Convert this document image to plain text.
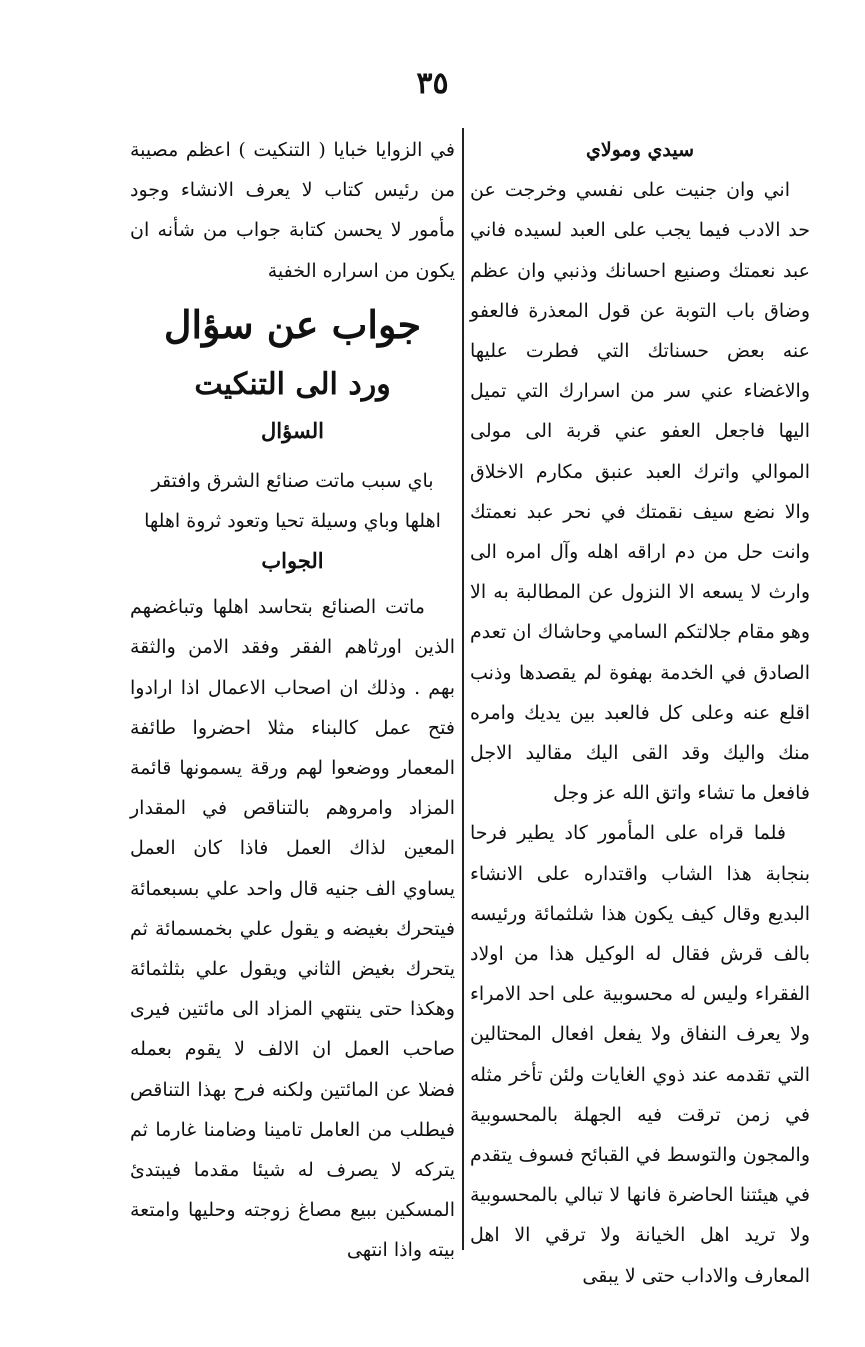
٣٥

سيدي ومولاي

اني وان جنيت على نفسي وخرجت عن حد الادب فيما يجب على العبد لسيده فاني عبد نعمتك وصنيع احسانك وذنبي وان عظم وضاق باب التوبة عن قول المعذرة فالعفو عنه بعض حسناتك التي فطرت عليها والاغضاء عني سر من اسرارك التي تميل اليها فاجعل العفو عني قربة الى مولى الموالي واترك العبد عنبق مكارم الاخلاق والا نضع سيف نقمتك في نحر عبد نعمتك وانت حل من دم اراقه اهله وآل امره الى وارث لا يسعه الا النزول عن المطالبة به الا وهو مقام جلالتكم السامي وحاشاك ان تعدم الصادق في الخدمة بهفوة لم يقصدها وذنب اقلع عنه وعلى كل فالعبد بين يديك وامره منك واليك وقد القى اليك مقاليد الاجل فافعل ما تشاء واتق الله عز وجل

فلما قراه على المأمور كاد يطير فرحا بنجابة هذا الشاب واقتداره على الانشاء البديع وقال كيف يكون هذا شلثمائة ورئيسه بالف قرش فقال له الوكيل هذا من اولاد الفقراء وليس له محسوبية على احد الامراء ولا يعرف النفاق ولا يفعل افعال المحتالين التي تقدمه عند ذوي الغايات ولئن تأخر مثله في زمن ترقت فيه الجهلة بالمحسوبية والمجون والتوسط في القبائح فسوف يتقدم في هيئتنا الحاضرة فانها لا تبالي بالمحسوبية ولا تريد اهل الخيانة ولا ترقي الا اهل المعارف والاداب حتى لا يبقى

في الزوايا خبايا ( التنكيت ) اعظم مصيبة من رئيس كتاب لا يعرف الانشاء وجود مأمور لا يحسن كتابة جواب من شأنه ان يكون من اسراره الخفية

جواب عن سؤال

ورد الى التنكيت

السؤال

باي سبب ماتت صنائع الشرق وافتقر اهلها وباي وسيلة تحيا وتعود ثروة اهلها

الجواب

ماتت الصنائع بتحاسد اهلها وتباغضهم الذين اورثاهم الفقر وفقد الامن والثقة بهم . وذلك ان اصحاب الاعمال اذا ارادوا فتح عمل كالبناء مثلا احضروا طائفة المعمار ووضعوا لهم ورقة يسمونها قائمة المزاد وامروهم بالتناقص في المقدار المعين لذاك العمل فاذا كان العمل يساوي الف جنيه قال واحد علي بسبعمائة فيتحرك بغيضه و يقول علي بخمسمائة ثم يتحرك بغيض الثاني ويقول علي بثلثمائة وهكذا حتى ينتهي المزاد الى مائتين فيرى صاحب العمل ان الالف لا يقوم بعمله فضلا عن المائتين ولكنه فرح بهذا التناقص فيطلب من العامل تامينا وضامنا غارما ثم يتركه لا يصرف له شيئا مقدما فيبتدئ المسكين ببيع مصاغ زوجته وحليها وامتعة بيته واذا انتهى
